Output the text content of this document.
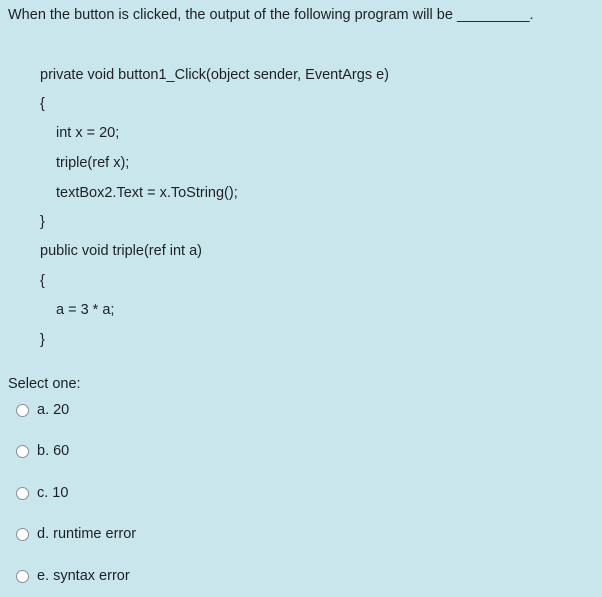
When the button is clicked, the output of the following program will be _________.
private void button1_Click(object sender, EventArgs e)
{
int x = 20;
triple(ref x);
textBox2.Text = x.ToString();
}
public void triple(ref int a)
{
a = 3 * a;
}
Select one:
a. 20
b. 60
c. 10
d. runtime error
e. syntax error
